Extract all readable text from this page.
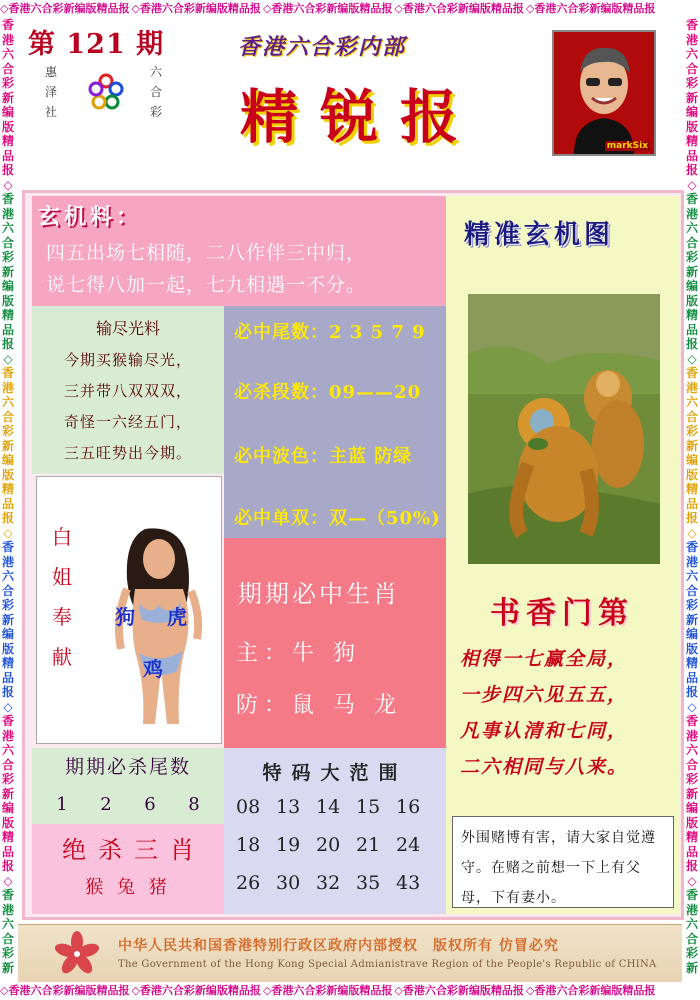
◇香港六合彩新编版精品报 ◇香港六合彩新编版精品报 ◇香港六合彩新编版精品报 ◇香港六合彩新编版精品报 ◇香港六合彩新编版精品报
◇香港六合彩新编版精品报 ◇香港六合彩新编版精品报 ◇香港六合彩新编版精品报 ◇香港六合彩新编版精品报 ◇香港六合彩新编版精品报
香
港
六
合
彩
新
编
版
精
品
报
◇
香
港
六
合
彩
新
编
版
精
品
报
◇
香
港
六
合
彩
新
编
版
精
品
报
◇
香
港
六
合
彩
新
编
版
精
品
报
◇
香
港
六
合
彩
新
编
版
精
品
报
◇
香
港
六
合
彩
新
香
港
六
合
彩
新
编
版
精
品
报
◇
香
港
六
合
彩
新
编
版
精
品
报
◇
香
港
六
合
彩
新
编
版
精
品
报
◇
香
港
六
合
彩
新
编
版
精
品
报
◇
香
港
六
合
彩
新
编
版
精
品
报
◇
香
港
六
合
彩
新
第 121 期
惠
泽
社
六
合
彩
香港六合彩内部
精锐报	markSix
玄机料：
四五出场七相随，二八作伴三中归，
说七得八加一起，七九相遇一不分。
输尽光料
今期买猴输尽光，
三并带八双双双，
奇怪一六经五门，
三五旺势出今期。
必中尾数：2 3 5 7 9
必杀段数：09——20
必中波色：主蓝 防绿
必中单双：双—（50%)
白
姐
奉
献
狗 虎
鸡
期期必中生肖
主：牛 狗
防：鼠 马 龙
期期必杀尾数
1 2 6 8
绝杀三肖
猴 兔 猪
特码大范围
08 13 14 15 16
18 19 20 21 24
26 30 32 35 43
精准玄机图
书香门第
相得一七赢全局，
一步四六见五五，
凡事认清和七同，
二六相同与八来。
外围赌博有害，请大家自觉遵守。在赌之前想一下上有父母，下有妻小。
中华人民共和国香港特别行政区政府内部授权　版权所有 仿冒必究
The Government of the Hong Kong Special Admianistrave Region of the People's Republic of CHINA
